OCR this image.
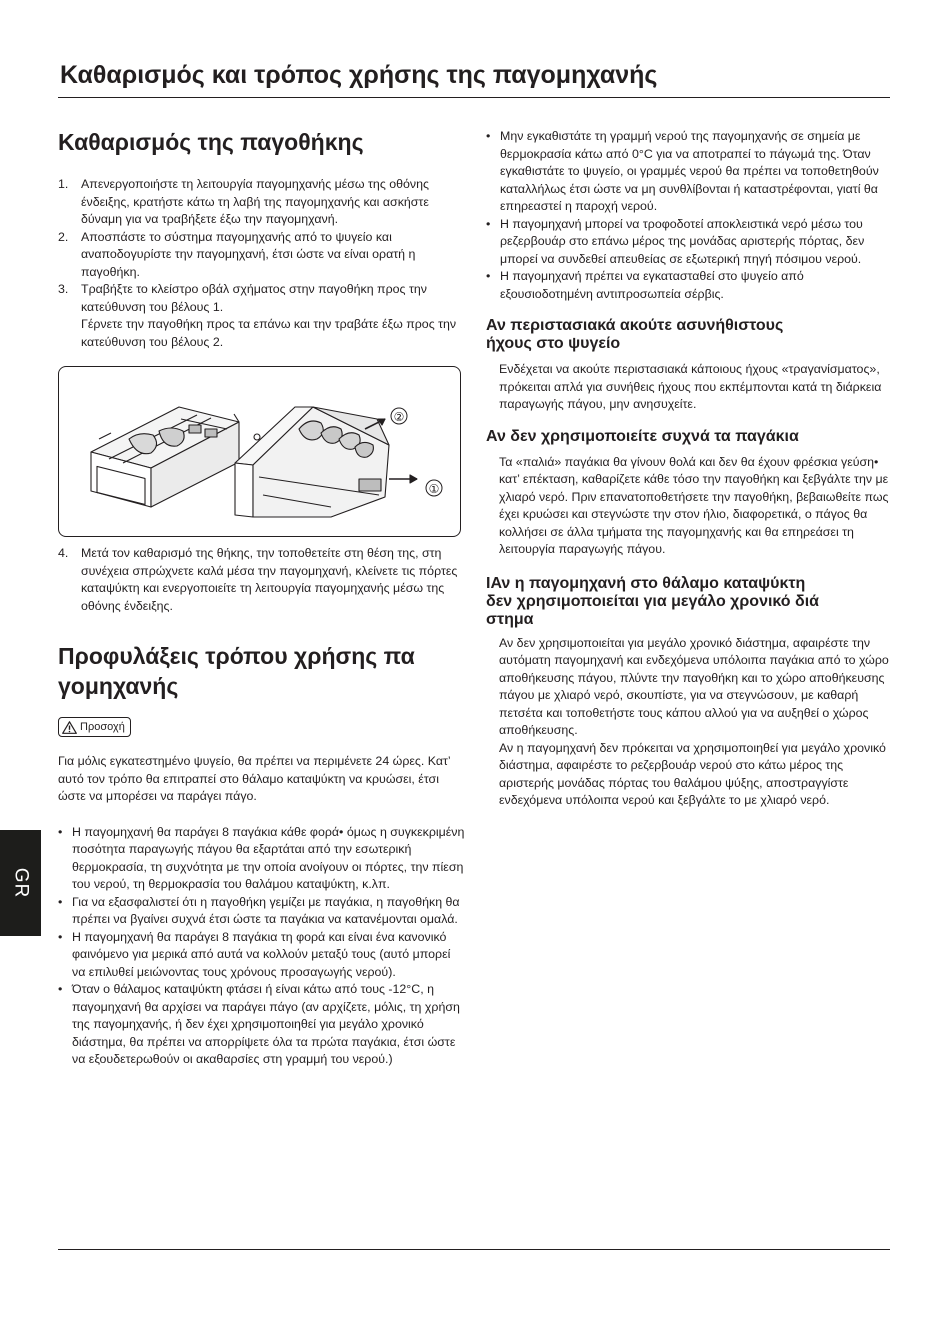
Καθαρισμός και τρόπος χρήσης της παγομηχανής
GR
Καθαρισμός της παγοθήκης
1. Απενεργοποιήστε τη λειτουργία παγομηχανής μέσω της οθόνης ένδειξης, κρατήστε κάτω τη λαβή της παγομηχανής και ασκήστε δύναμη για να τραβήξετε έξω την παγομηχανή.

2. Αποσπάστε το σύστημα παγομηχανής από το ψυγείο και αναποδογυρίστε την παγομηχανή, έτσι ώστε να είναι ορατή η παγοθήκη.

3. Τραβήξτε το κλείστρο οβάλ σχήματος στην παγοθήκη προς την κατεύθυνση του βέλους 1.

Γέρνετε την παγοθήκη προς τα επάνω και την τραβάτε έξω προς την κατεύθυνση του βέλους 2.

②
①
4. Μετά τον καθαρισμό της θήκης, την τοποθετείτε στη θέση της, στη συνέχεια σπρώχνετε καλά μέσα την παγομηχανή, κλείνετε τις πόρτες καταψύκτη και ενεργοποιείτε τη λειτουργία παγομηχανής μέσω της οθόνης ένδειξης.

Προφυλάξεις τρόπου χρήσης πα
γομηχανής
Προσοχή

Για μόλις εγκατεστημένο ψυγείο, θα πρέπει να περιμένετε 24 ώρες. Κατ’ αυτό τον τρόπο θα επιτραπεί στο θάλαμο καταψύκτη να κρυώσει, έτσι ώστε να μπορέσει να παράγει πάγο.

• Η παγομηχανή θα παράγει 8 παγάκια κάθε φορά• όμως η συγκεκριμένη ποσότητα παραγωγής πάγου θα εξαρτάται από την εσωτερική θερμοκρασία, τη συχνότητα με την οποία ανοίγουν οι πόρτες, την πίεση του νερού, τη θερμοκρασία του θαλάμου καταψύκτη, κ.λπ.
• Για να εξασφαλιστεί ότι η παγοθήκη γεμίζει με παγάκια, η παγοθήκη θα πρέπει να βγαίνει συχνά έτσι ώστε τα παγάκια να κατανέμονται ομαλά.
• Η παγομηχανή θα παράγει 8 παγάκια τη φορά και είναι ένα κανονικό φαινόμενο για μερικά από αυτά να κολλούν μεταξύ τους (αυτό μπορεί να επιλυθεί μειώνοντας τους χρόνους προσαγωγής νερού).
• Όταν ο θάλαμος καταψύκτη φτάσει ή είναι κάτω από τους -12°C, η παγομηχανή θα αρχίσει να παράγει πάγο (αν αρχίζετε, μόλις, τη χρήση της παγομηχανής, ή δεν έχει χρησιμοποιηθεί για μεγάλο χρονικό διάστημα, θα πρέπει να απορρίψετε όλα τα πρώτα παγάκια, έτσι ώστε να εξουδετερωθούν οι ακαθαρσίες στη γραμμή του νερού.)
• Μην εγκαθιστάτε τη γραμμή νερού της παγομηχανής σε σημεία με θερμοκρασία κάτω από 0°C για να αποτραπεί το πάγωμά της. Όταν εγκαθιστάτε το ψυγείο, οι γραμμές νερού θα πρέπει να τοποθετηθούν καταλλήλως έτσι ώστε να μη συνθλίβονται ή καταστρέφονται, γιατί θα επηρεαστεί η παροχή νερού.
• Η παγομηχανή μπορεί να τροφοδοτεί αποκλειστικά νερό μέσω του ρεζερβουάρ στο επάνω μέρος της μονάδας αριστερής πόρτας, δεν μπορεί να συνδεθεί απευθείας σε εξωτερική πηγή πόσιμου νερού.
• Η παγομηχανή πρέπει να εγκατασταθεί στο ψυγείο από εξουσιοδοτημένη αντιπροσωπεία σέρβις.
Αν περιστασιακά ακούτε ασυνήθιστους
ήχους στο ψυγείο

Ενδέχεται να ακούτε περιστασιακά κάποιους ήχους «τραγανίσματος», πρόκειται απλά για συνήθεις ήχους που εκπέμπονται κατά τη διάρκεια παραγωγής πάγου, μην ανησυχείτε.

Αν δεν χρησιμοποιείτε συχνά τα παγάκια

Τα «παλιά» παγάκια θα γίνουν θολά και δεν θα έχουν φρέσκια γεύση• κατ’ επέκταση, καθαρίζετε κάθε τόσο την παγοθήκη και ξεβγάλτε την με χλιαρό νερό. Πριν επανατοποθετήσετε την παγοθήκη, βεβαιωθείτε πως έχει κρυώσει και στεγνώστε την στον ήλιο, διαφορετικά, ο πάγος θα κολλήσει σε άλλα τμήματα της παγομηχανής και θα επηρεάσει τη λειτουργία παραγωγής πάγου.

ΙΑν η παγομηχανή στο θάλαμο καταψύκτη
δεν χρησιμοποιείται για μεγάλο χρονικό διά
στημα

Αν δεν χρησιμοποιείται για μεγάλο χρονικό διάστημα, αφαιρέστε την αυτόματη παγομηχανή και ενδεχόμενα υπόλοιπα παγάκια από το χώρο αποθήκευσης πάγου, πλύντε την παγοθήκη και το χώρο αποθήκευσης πάγου με χλιαρό νερό, σκουπίστε, για να στεγνώσουν, με καθαρή πετσέτα και τοποθετήστε τους κάπου αλλού για να αυξηθεί ο χώρος αποθήκευσης.

Αν η παγομηχανή δεν πρόκειται να χρησιμοποιηθεί για μεγάλο χρονικό διάστημα, αφαιρέστε το ρεζερβουάρ νερού στο κάτω μέρος της αριστερής μονάδας πόρτας του θαλάμου ψύξης, αποστραγγίστε ενδεχόμενα υπόλοιπα νερού και ξεβγάλτε το με χλιαρό νερό.
